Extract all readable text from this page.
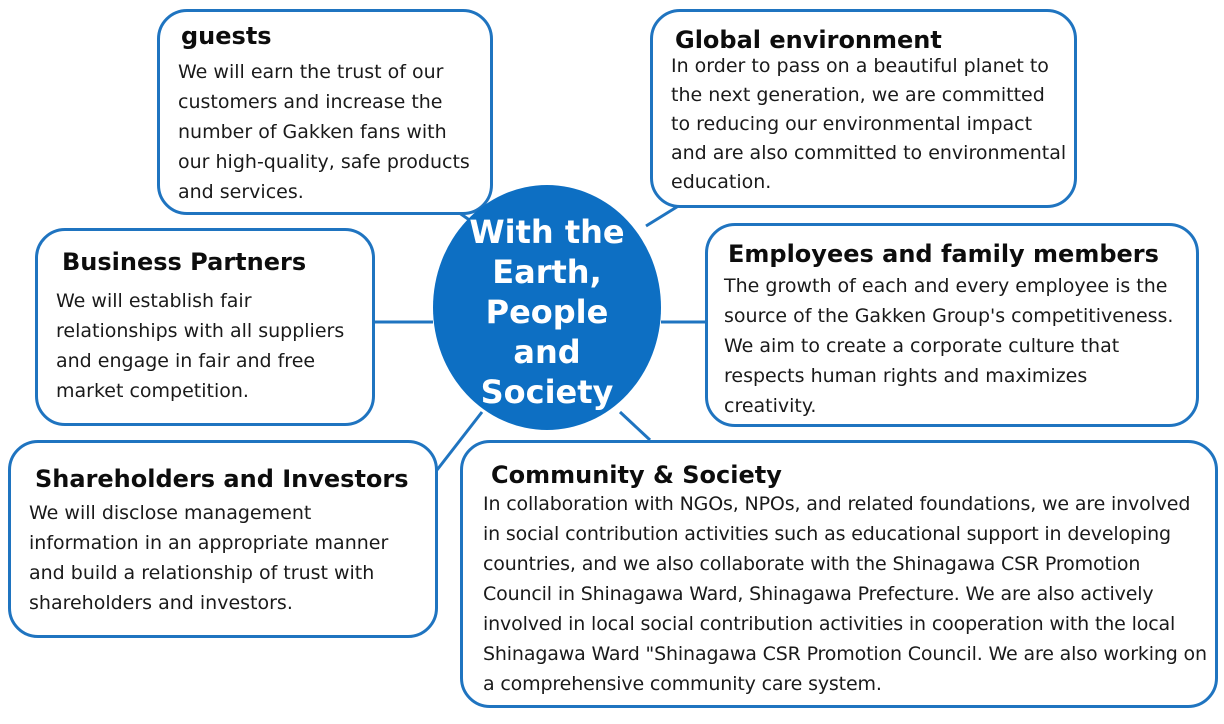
guests
We will earn the trust of our customers and increase the number of Gakken fans with our high-quality, safe products and services.
Global environment
In order to pass on a beautiful planet to the next generation, we are committed to reducing our environmental impact and are also committed to environmental education.
Business Partners
We will establish fair relationships with all suppliers and engage in fair and free market competition.
Employees and family members
The growth of each and every employee is the source of the Gakken Group's competitiveness. We aim to create a corporate culture that respects human rights and maximizes creativity.
Shareholders and Investors
We will disclose management information in an appropriate manner and build a relationship of trust with shareholders and investors.
Community & Society
In collaboration with NGOs, NPOs, and related foundations, we are involved in social contribution activities such as educational support in developing countries, and we also collaborate with the Shinagawa CSR Promotion Council in Shinagawa Ward, Shinagawa Prefecture. We are also actively involved in local social contribution activities in cooperation with the local Shinagawa Ward "Shinagawa CSR Promotion Council. We are also working on a comprehensive community care system.
With the
Earth,
People
and
Society
